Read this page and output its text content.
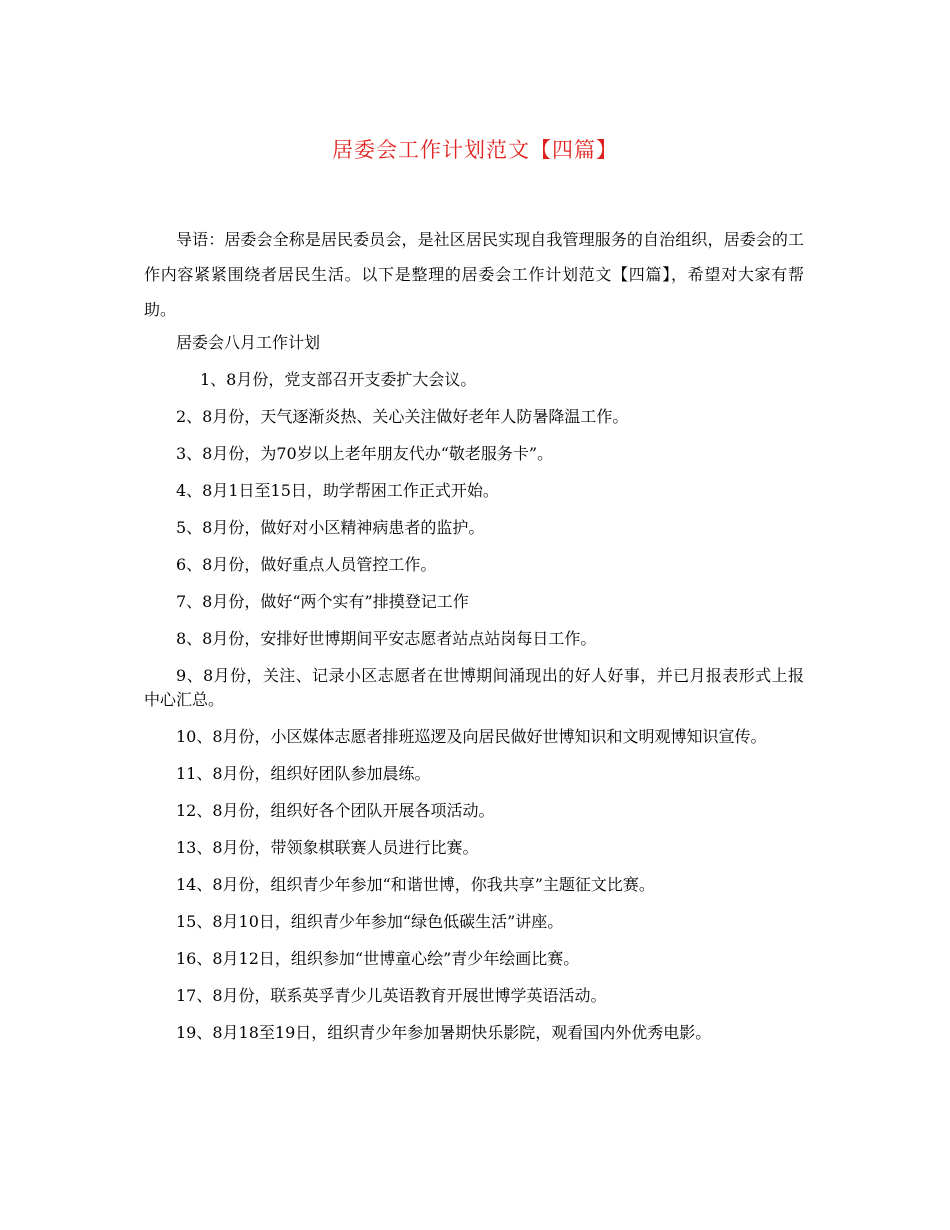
居委会工作计划范文【四篇】

导语：居委会全称是居民委员会，是社区居民实现自我管理服务的自治组织，居委会的工作内容紧紧围绕者居民生活。以下是整理的居委会工作计划范文【四篇】，希望对大家有帮助。

居委会八月工作计划

1、8月份，党支部召开支委扩大会议。

2、8月份，天气逐渐炎热、关心关注做好老年人防暑降温工作。

3、8月份，为70岁以上老年朋友代办“敬老服务卡”。

4、8月1日至15日，助学帮困工作正式开始。

5、8月份，做好对小区精神病患者的监护。

6、8月份，做好重点人员管控工作。

7、8月份，做好“两个实有”排摸登记工作

8、8月份，安排好世博期间平安志愿者站点站岗每日工作。

9、8月份，关注、记录小区志愿者在世博期间涌现出的好人好事，并已月报表形式上报中心汇总。

10、8月份，小区媒体志愿者排班巡逻及向居民做好世博知识和文明观博知识宣传。

11、8月份，组织好团队参加晨练。

12、8月份，组织好各个团队开展各项活动。

13、8月份，带领象棋联赛人员进行比赛。

14、8月份，组织青少年参加“和谐世博，你我共享”主题征文比赛。

15、8月10日，组织青少年参加“绿色低碳生活”讲座。

16、8月12日，组织参加“世博童心绘”青少年绘画比赛。

17、8月份，联系英孚青少儿英语教育开展世博学英语活动。

19、8月18至19日，组织青少年参加暑期快乐影院，观看国内外优秀电影。
